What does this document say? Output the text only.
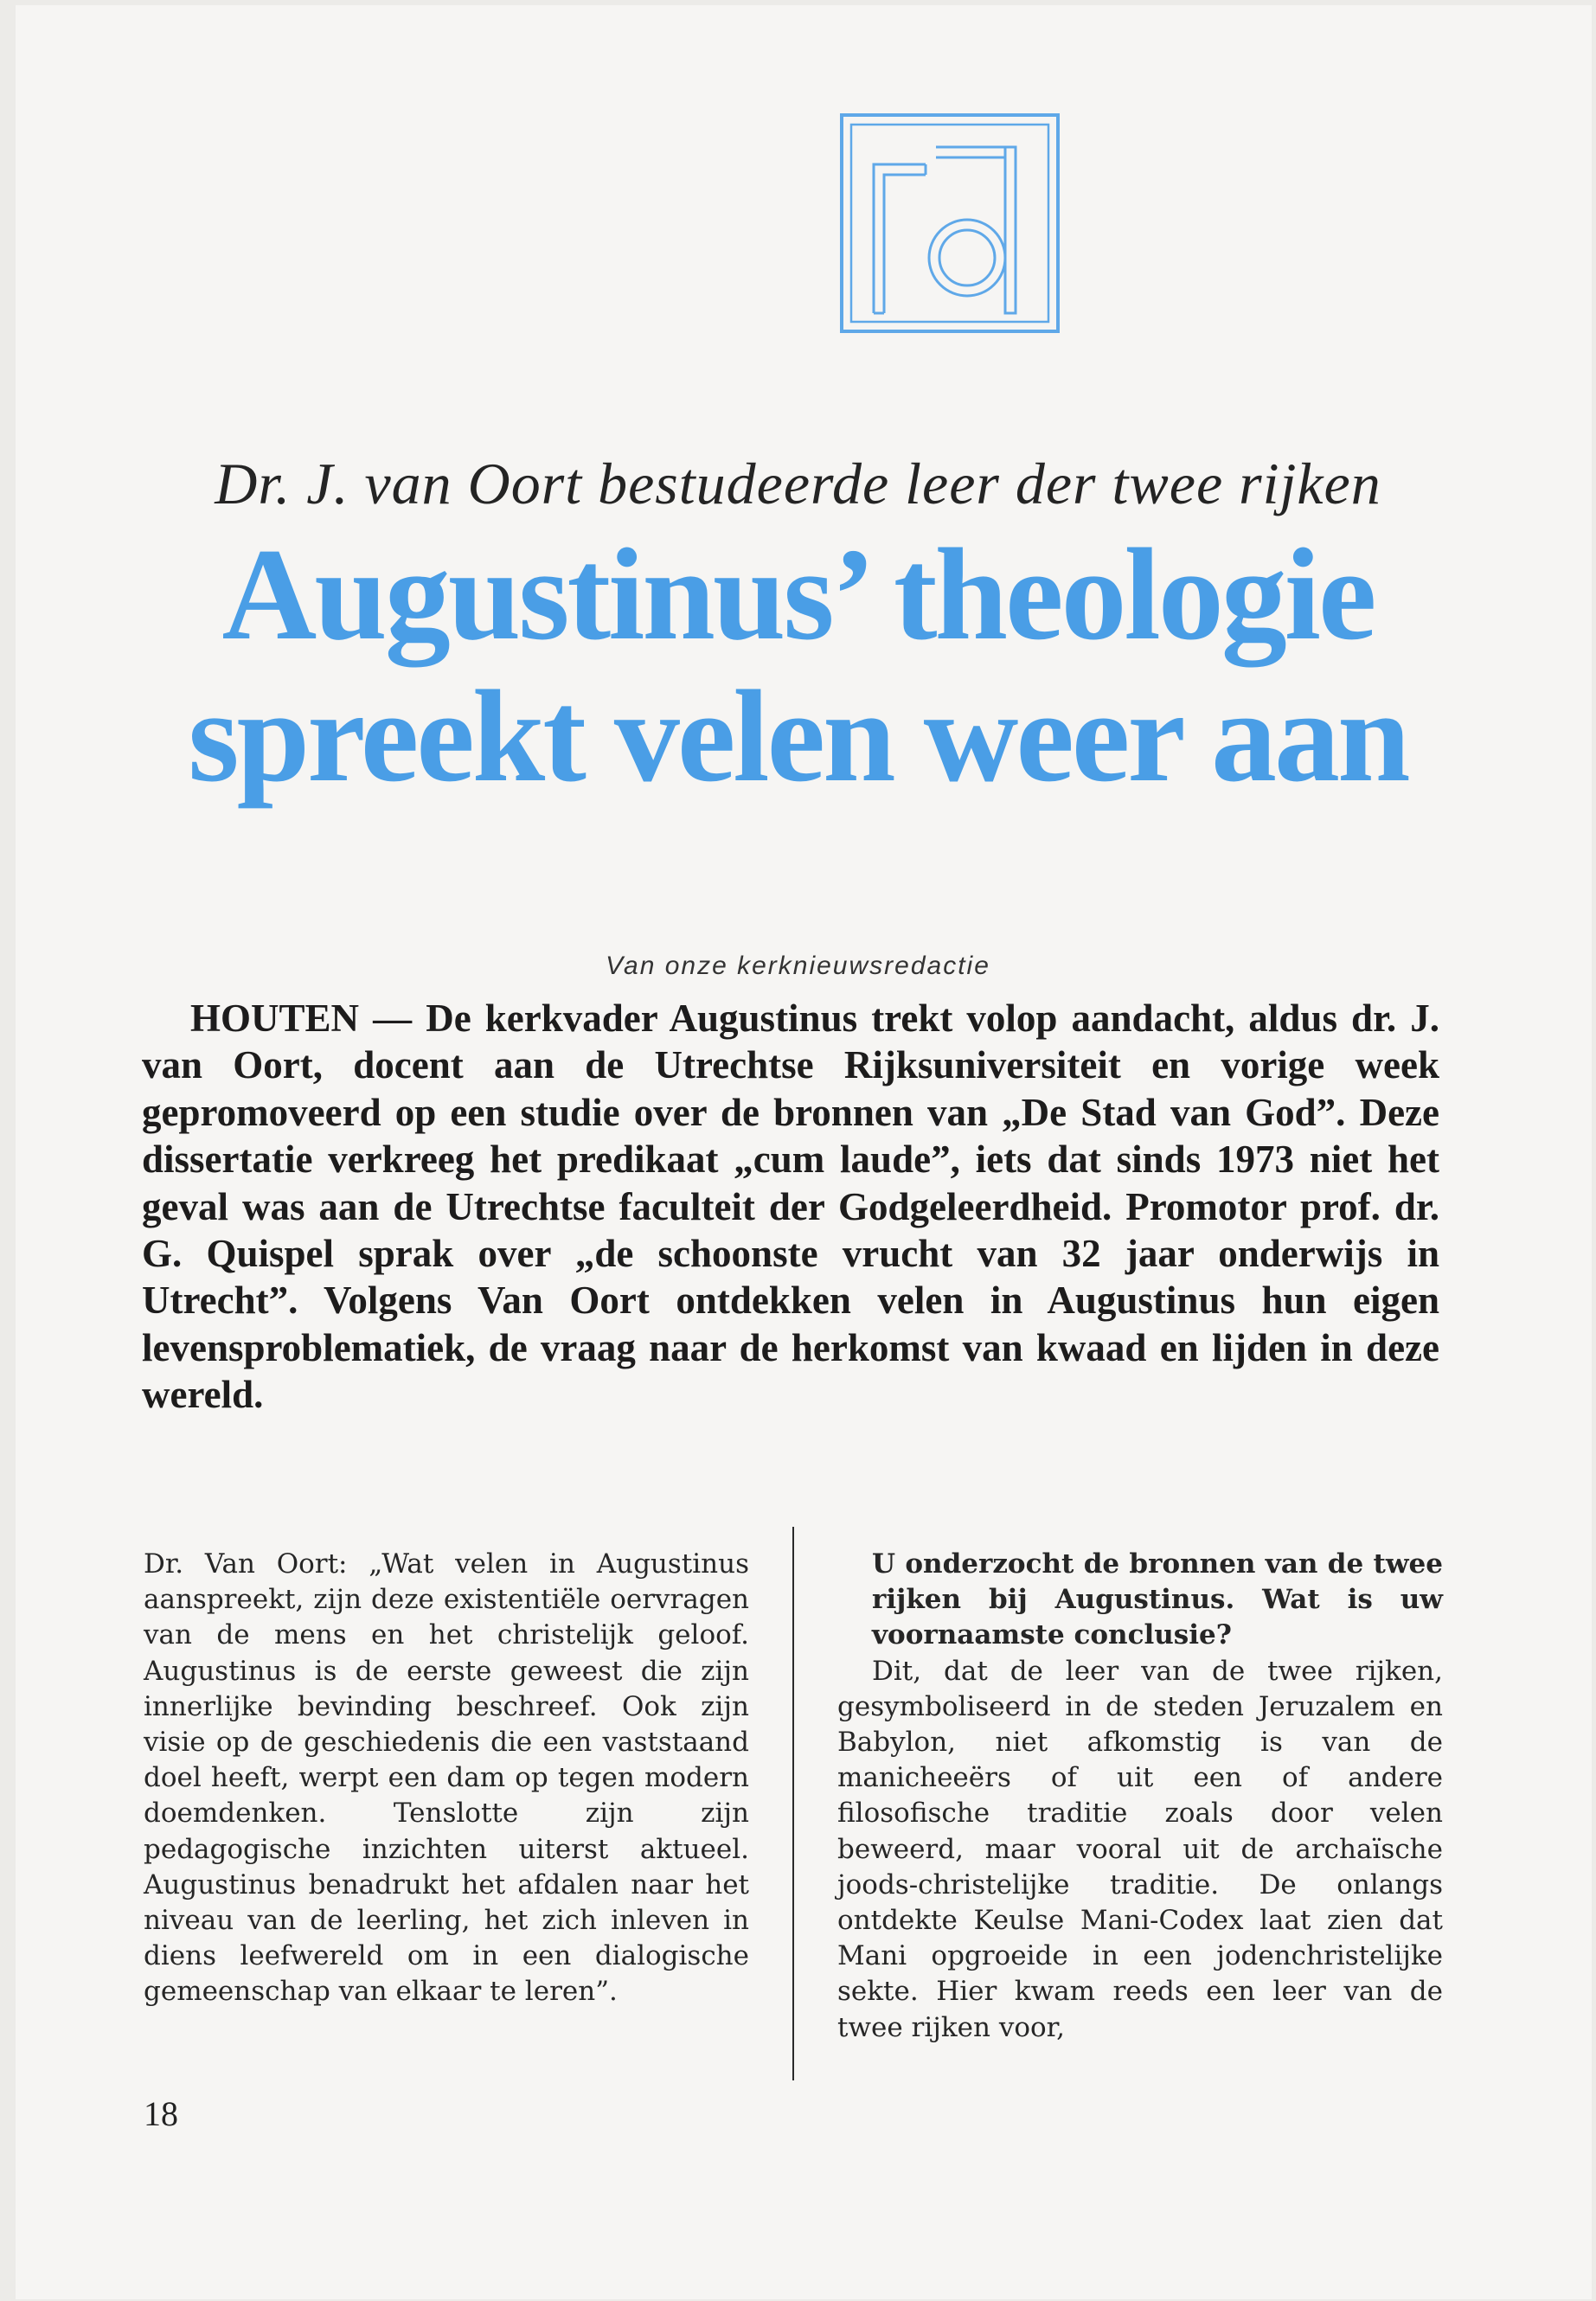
Dr. J. van Oort bestudeerde leer der twee rijken
Augustinus’ theologie
spreekt velen weer aan
Van onze kerknieuwsredactie
HOUTEN — De kerkvader Augustinus trekt volop aandacht, aldus dr. J. van Oort, docent aan de Utrechtse Rijksuniversiteit en vorige week gepromoveerd op een studie over de bronnen van „De Stad van God”. Deze dissertatie verkreeg het predikaat „cum laude”, iets dat sinds 1973 niet het geval was aan de Utrechtse faculteit der Godgeleerdheid. Promotor prof. dr. G. Quispel sprak over „de schoonste vrucht van 32 jaar onderwijs in Utrecht”. Volgens Van Oort ontdekken velen in Augustinus hun eigen levensproblematiek, de vraag naar de herkomst van kwaad en lijden in deze wereld.
Dr. Van Oort: „Wat velen in Augustinus aanspreekt, zijn deze existentiële oervragen van de mens en het christelijk geloof. Augustinus is de eerste geweest die zijn innerlijke bevinding beschreef. Ook zijn visie op de geschiedenis die een vaststaand doel heeft, werpt een dam op tegen modern doemdenken. Tenslotte zijn zijn pedagogische inzichten uiterst aktueel. Augustinus benadrukt het afdalen naar het niveau van de leerling, het zich inleven in diens leefwereld om in een dialogische gemeenschap van elkaar te leren”.
U onderzocht de bronnen van de twee rijken bij Augustinus. Wat is uw voornaamste conclusie?
Dit, dat de leer van de twee rijken, gesymboliseerd in de steden Jeruzalem en Babylon, niet afkomstig is van de manicheeërs of uit een of andere filosofische traditie zoals door velen beweerd, maar vooral uit de archaïsche joods-christelijke traditie. De onlangs ontdekte Keulse Mani-Codex laat zien dat Mani opgroeide in een jodenchristelijke sekte. Hier kwam reeds een leer van de twee rijken voor,
18
